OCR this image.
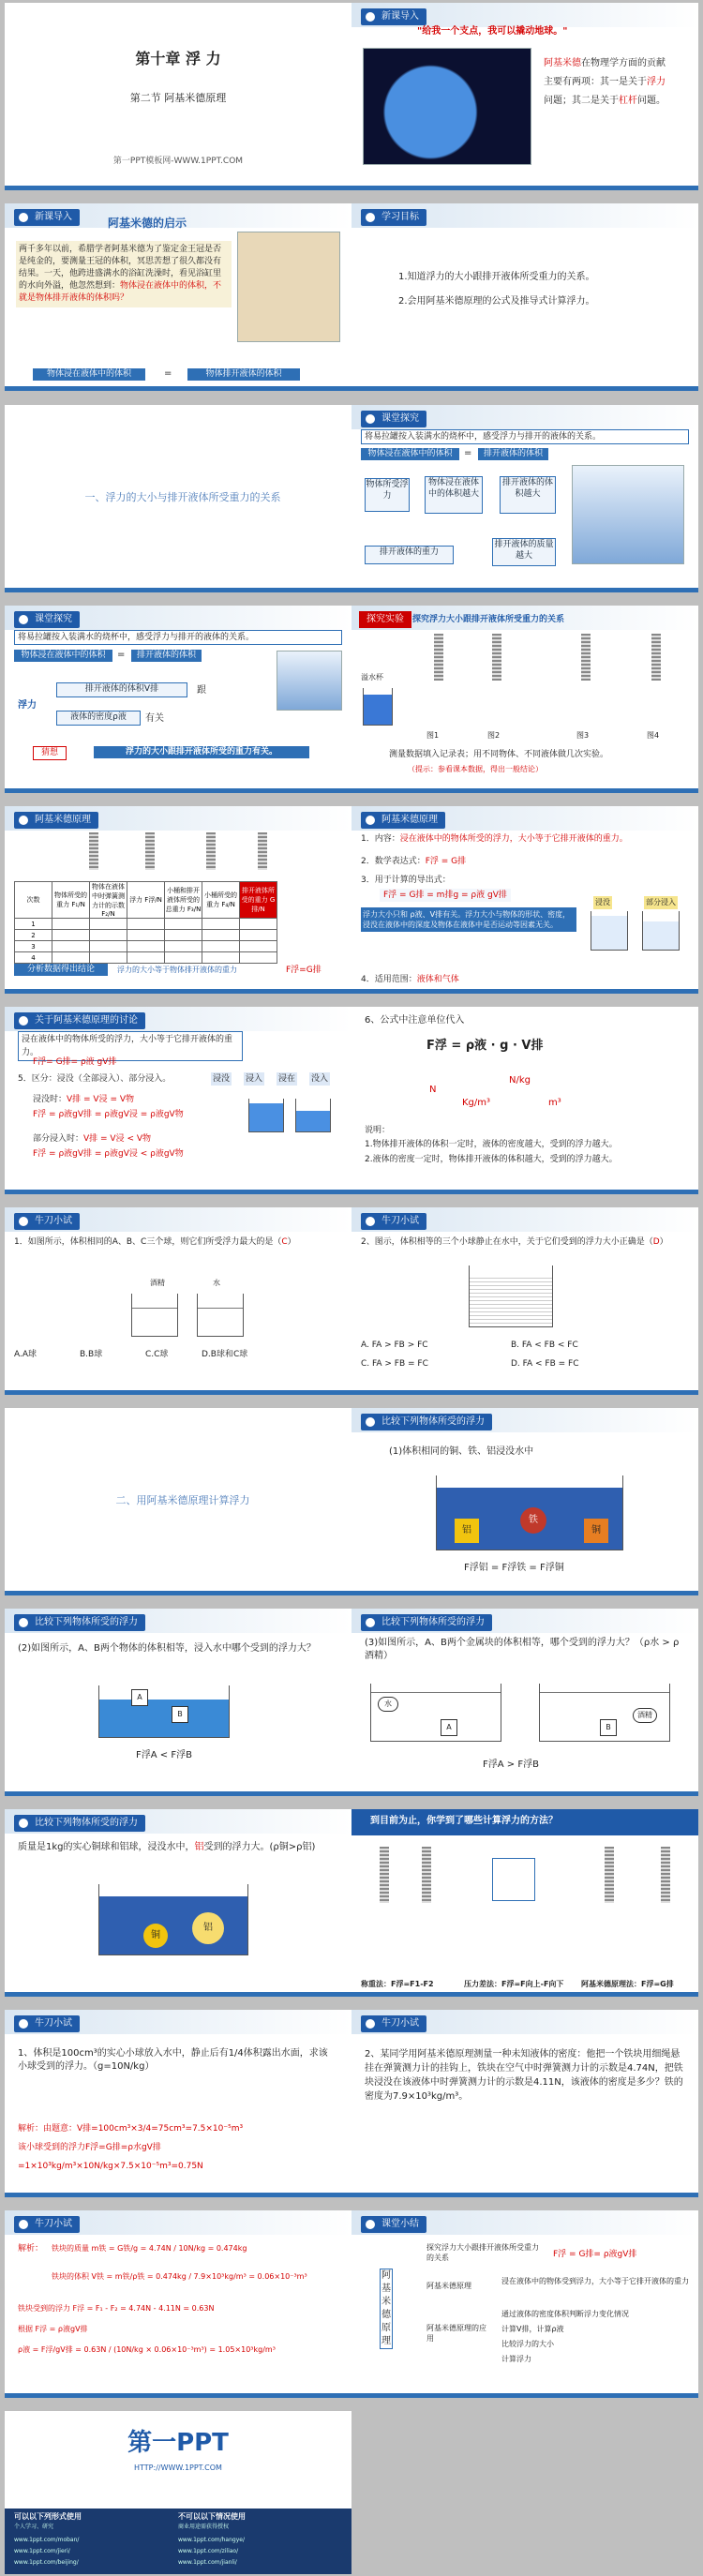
第十章 浮 力
第二节 阿基米德原理
第一PPT模板网-WWW.1PPT.COM
新课导入
"给我一个支点，我可以撬动地球。"
阿基米德在物理学方面的贡献
主要有两项：其一是关于浮力
问题；其二是关于杠杆问题。
新课导入	阿基米德的启示
两千多年以前，希腊学者阿基米德为了鉴定金王冠是否是纯金的，要测量王冠的体积，冥思苦想了很久都没有结果。一天，他跨进盛满水的浴缸洗澡时，看见浴缸里的水向外溢，他忽然想到：物体浸在液体中的体积，不就是物体排开液体的体积吗？
物体浸在液体中的体积	=	物体排开液体的体积
学习目标
1.知道浮力的大小跟排开液体所受重力的关系。
2.会用阿基米德原理的公式及推导式计算浮力。
一、浮力的大小与排开液体所受重力的关系
课堂探究
将易拉罐按入装满水的烧杯中，感受浮力与排开的液体的关系。
物体浸在液体中的体积	=	排开液体的体积
物体所受浮力
物体浸在液体中的体积越大
排开液体的体积越大
排开液体的质量越大
排开液体的重力
课堂探究
将易拉罐按入装满水的烧杯中，感受浮力与排开的液体的关系。
物体浸在液体中的体积	=	排开液体的体积
浮力
排开液体的体积V排	跟
液体的密度ρ液	有关
猜想	浮力的大小跟排开液体所受的重力有关。
探究实验	探究浮力大小跟排开液体所受重力的关系
溢水杯
图1	图2	图3	图4
测量数据填入记录表；用不同物体、不同液体做几次实验。
（提示：参看课本数据，得出一般结论）
阿基米德原理
次数	物体所受的重力 F₁/N	物体在液体中时弹簧测力计的示数 F₂/N	浮力 F浮/N	小桶和排开液体所受的总重力 F₃/N	小桶所受的重力 F₄/N	排开液体所受的重力 G排/N
1						
2						
3						
4						
分析数据得出结论	浮力的大小等于物体排开液体的重力	F浮=G排
阿基米德原理
1．内容：浸在液体中的物体所受的浮力，大小等于它排开液体的重力。
2．数学表达式：F浮 = G排
3．用于计算的导出式：
F浮 = G排 = m排g = ρ液 gV排
浮力大小只和 ρ液、V排有关。浮力大小与物体的形状、密度，浸没在液体中的深度及物体在液体中是否运动等因素无关。
浸没	部分浸入
4．适用范围：液体和气体
关于阿基米德原理的讨论
浸在液体中的物体所受的浮力，大小等于它排开液体的重力。
F浮= G排= ρ液 gV排
5．区分：浸没（全部浸入）、部分浸入。	浸没 浸入 浸在 没入
浸没时：V排 = V浸 = V物
F浮 = ρ液gV排 = ρ液gV浸 = ρ液gV物
部分浸入时：V排 = V浸 < V物
F浮 = ρ液gV排 = ρ液gV浸 < ρ液gV物
6、公式中注意单位代入
F浮 = ρ液 · g · V排
N
Kg/m³
N/kg
m³
说明：
1.物体排开液体的体积一定时，液体的密度越大，受到的浮力越大。
2.液体的密度一定时，物体排开液体的体积越大，受到的浮力越大。
牛刀小试
1．如图所示，体积相同的A、B、C三个球，则它们所受浮力最大的是（C）
酒精	水
A.A球	B.B球	C.C球	D.B球和C球
牛刀小试
2、图示，体积相等的三个小球静止在水中，关于它们受到的浮力大小正确是（D）
A. FA > FB > FC	B. FA < FB < FC
C. FA > FB = FC	D. FA < FB = FC
二、用阿基米德原理计算浮力
比较下列物体所受的浮力
(1)体积相同的铜、铁、铝浸没水中
铝
铁
铜
F浮铝 = F浮铁 = F浮铜
比较下列物体所受的浮力
(2)如图所示，A、B两个物体的体积相等，浸入水中哪个受到的浮力大？
A
B
F浮A < F浮B
比较下列物体所受的浮力
(3)如图所示，A、B两个金属块的体积相等，哪个受到的浮力大？（ρ水 > ρ酒精）
水
酒精
A	B
F浮A > F浮B
比较下列物体所受的浮力
质量是1kg的实心铜球和铝球，浸没水中，铝受到的浮力大。(ρ铜>ρ铝)
铜
铝
到目前为止，你学到了哪些计算浮力的方法？
称重法：F浮=F1-F2	压力差法：F浮=F向上-F向下 阿基米德原理法：F浮=G排
牛刀小试
1、体积是100cm³的实心小球放入水中，静止后有1/4体积露出水面，求该小球受到的浮力。（g=10N/kg）
解析：由题意：V排=100cm³×3/4=75cm³=7.5×10⁻⁵m³
该小球受到的浮力F浮=G排=ρ水gV排
=1×10³kg/m³×10N/kg×7.5×10⁻⁵m³=0.75N
牛刀小试
2、某同学用阿基米德原理测量一种未知液体的密度：他把一个铁块用细绳悬挂在弹簧测力计的挂钩上，铁块在空气中时弹簧测力计的示数是4.74N，把铁块浸没在该液体中时弹簧测力计的示数是4.11N，该液体的密度是多少？铁的密度为7.9×10³kg/m³。
牛刀小试
解析： 铁块的质量 m铁 = G铁/g = 4.74N / 10N/kg = 0.474kg
铁块的体积 V铁 = m铁/ρ铁 = 0.474kg / 7.9×10³kg/m³ = 0.06×10⁻³m³
铁块受到的浮力 F浮 = F₁ - F₂ = 4.74N - 4.11N = 0.63N
根据 F浮 = ρ液gV排
ρ液 = F浮/gV排 = 0.63N / (10N/kg × 0.06×10⁻³m³) = 1.05×10³kg/m³
课堂小结
阿基米德原理
探究浮力大小跟排开液体所受重力的关系	F浮 = G排= ρ液gV排
阿基米德原理
浸在液体中的物体受到浮力，大小等于它排开液体的重力
阿基米德原理的应用
通过液体的密度体积判断浮力变化情况
计算V排，计算ρ液
比较浮力的大小
计算浮力
第一PPT
HTTP://WWW.1PPT.COM
可以以下列形式使用	不可以以下情况使用
个人学习、研究	商业用途需获得授权
www.1ppt.com/moban/	www.1ppt.com/hangye/
www.1ppt.com/jieri/	www.1ppt.com/ziliao/
www.1ppt.com/beijing/	www.1ppt.com/jianli/
